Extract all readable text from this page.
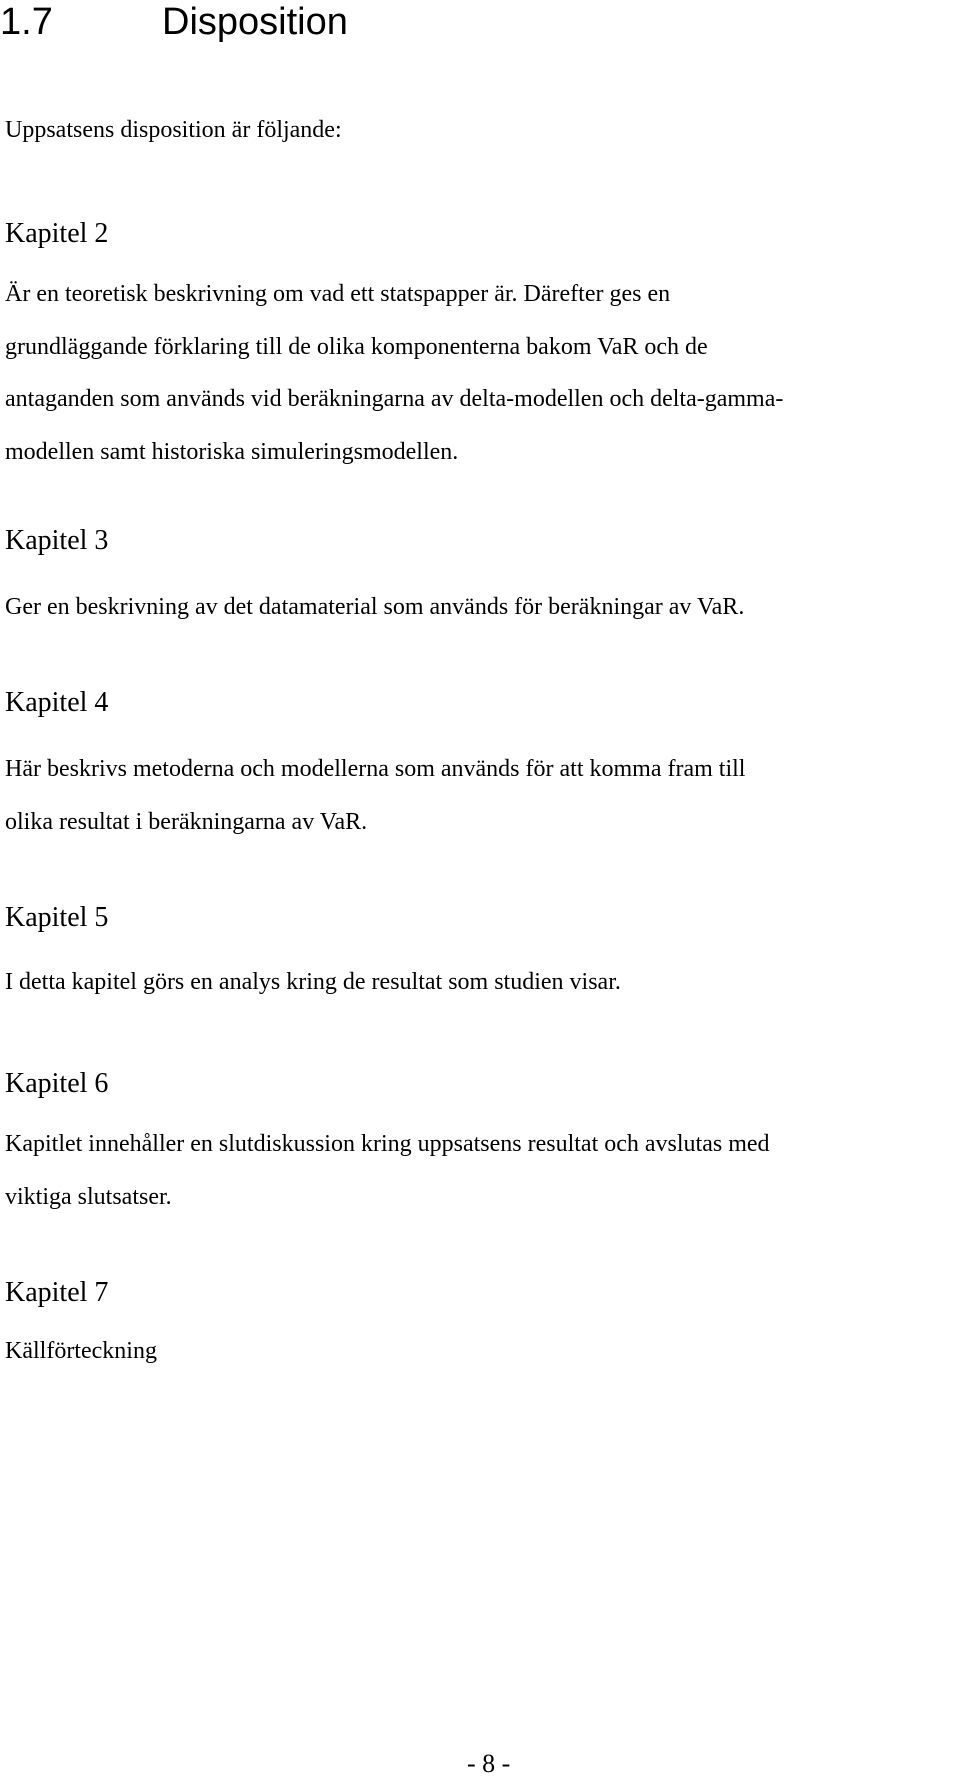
1.7	Disposition

Uppsatsens disposition är följande:

Kapitel 2

Är en teoretisk beskrivning om vad ett statspapper är. Därefter ges en
grundläggande förklaring till de olika komponenterna bakom VaR och de
antaganden som används vid beräkningarna av delta-modellen och delta-gamma-
modellen samt historiska simuleringsmodellen.

Kapitel 3

Ger en beskrivning av det datamaterial som används för beräkningar av VaR.

Kapitel 4

Här beskrivs metoderna och modellerna som används för att komma fram till
olika resultat i beräkningarna av VaR.

Kapitel 5

I detta kapitel görs en analys kring de resultat som studien visar.

Kapitel 6

Kapitlet innehåller en slutdiskussion kring uppsatsens resultat och avslutas med
viktiga slutsatser.

Kapitel 7

Källförteckning

- 8 -
